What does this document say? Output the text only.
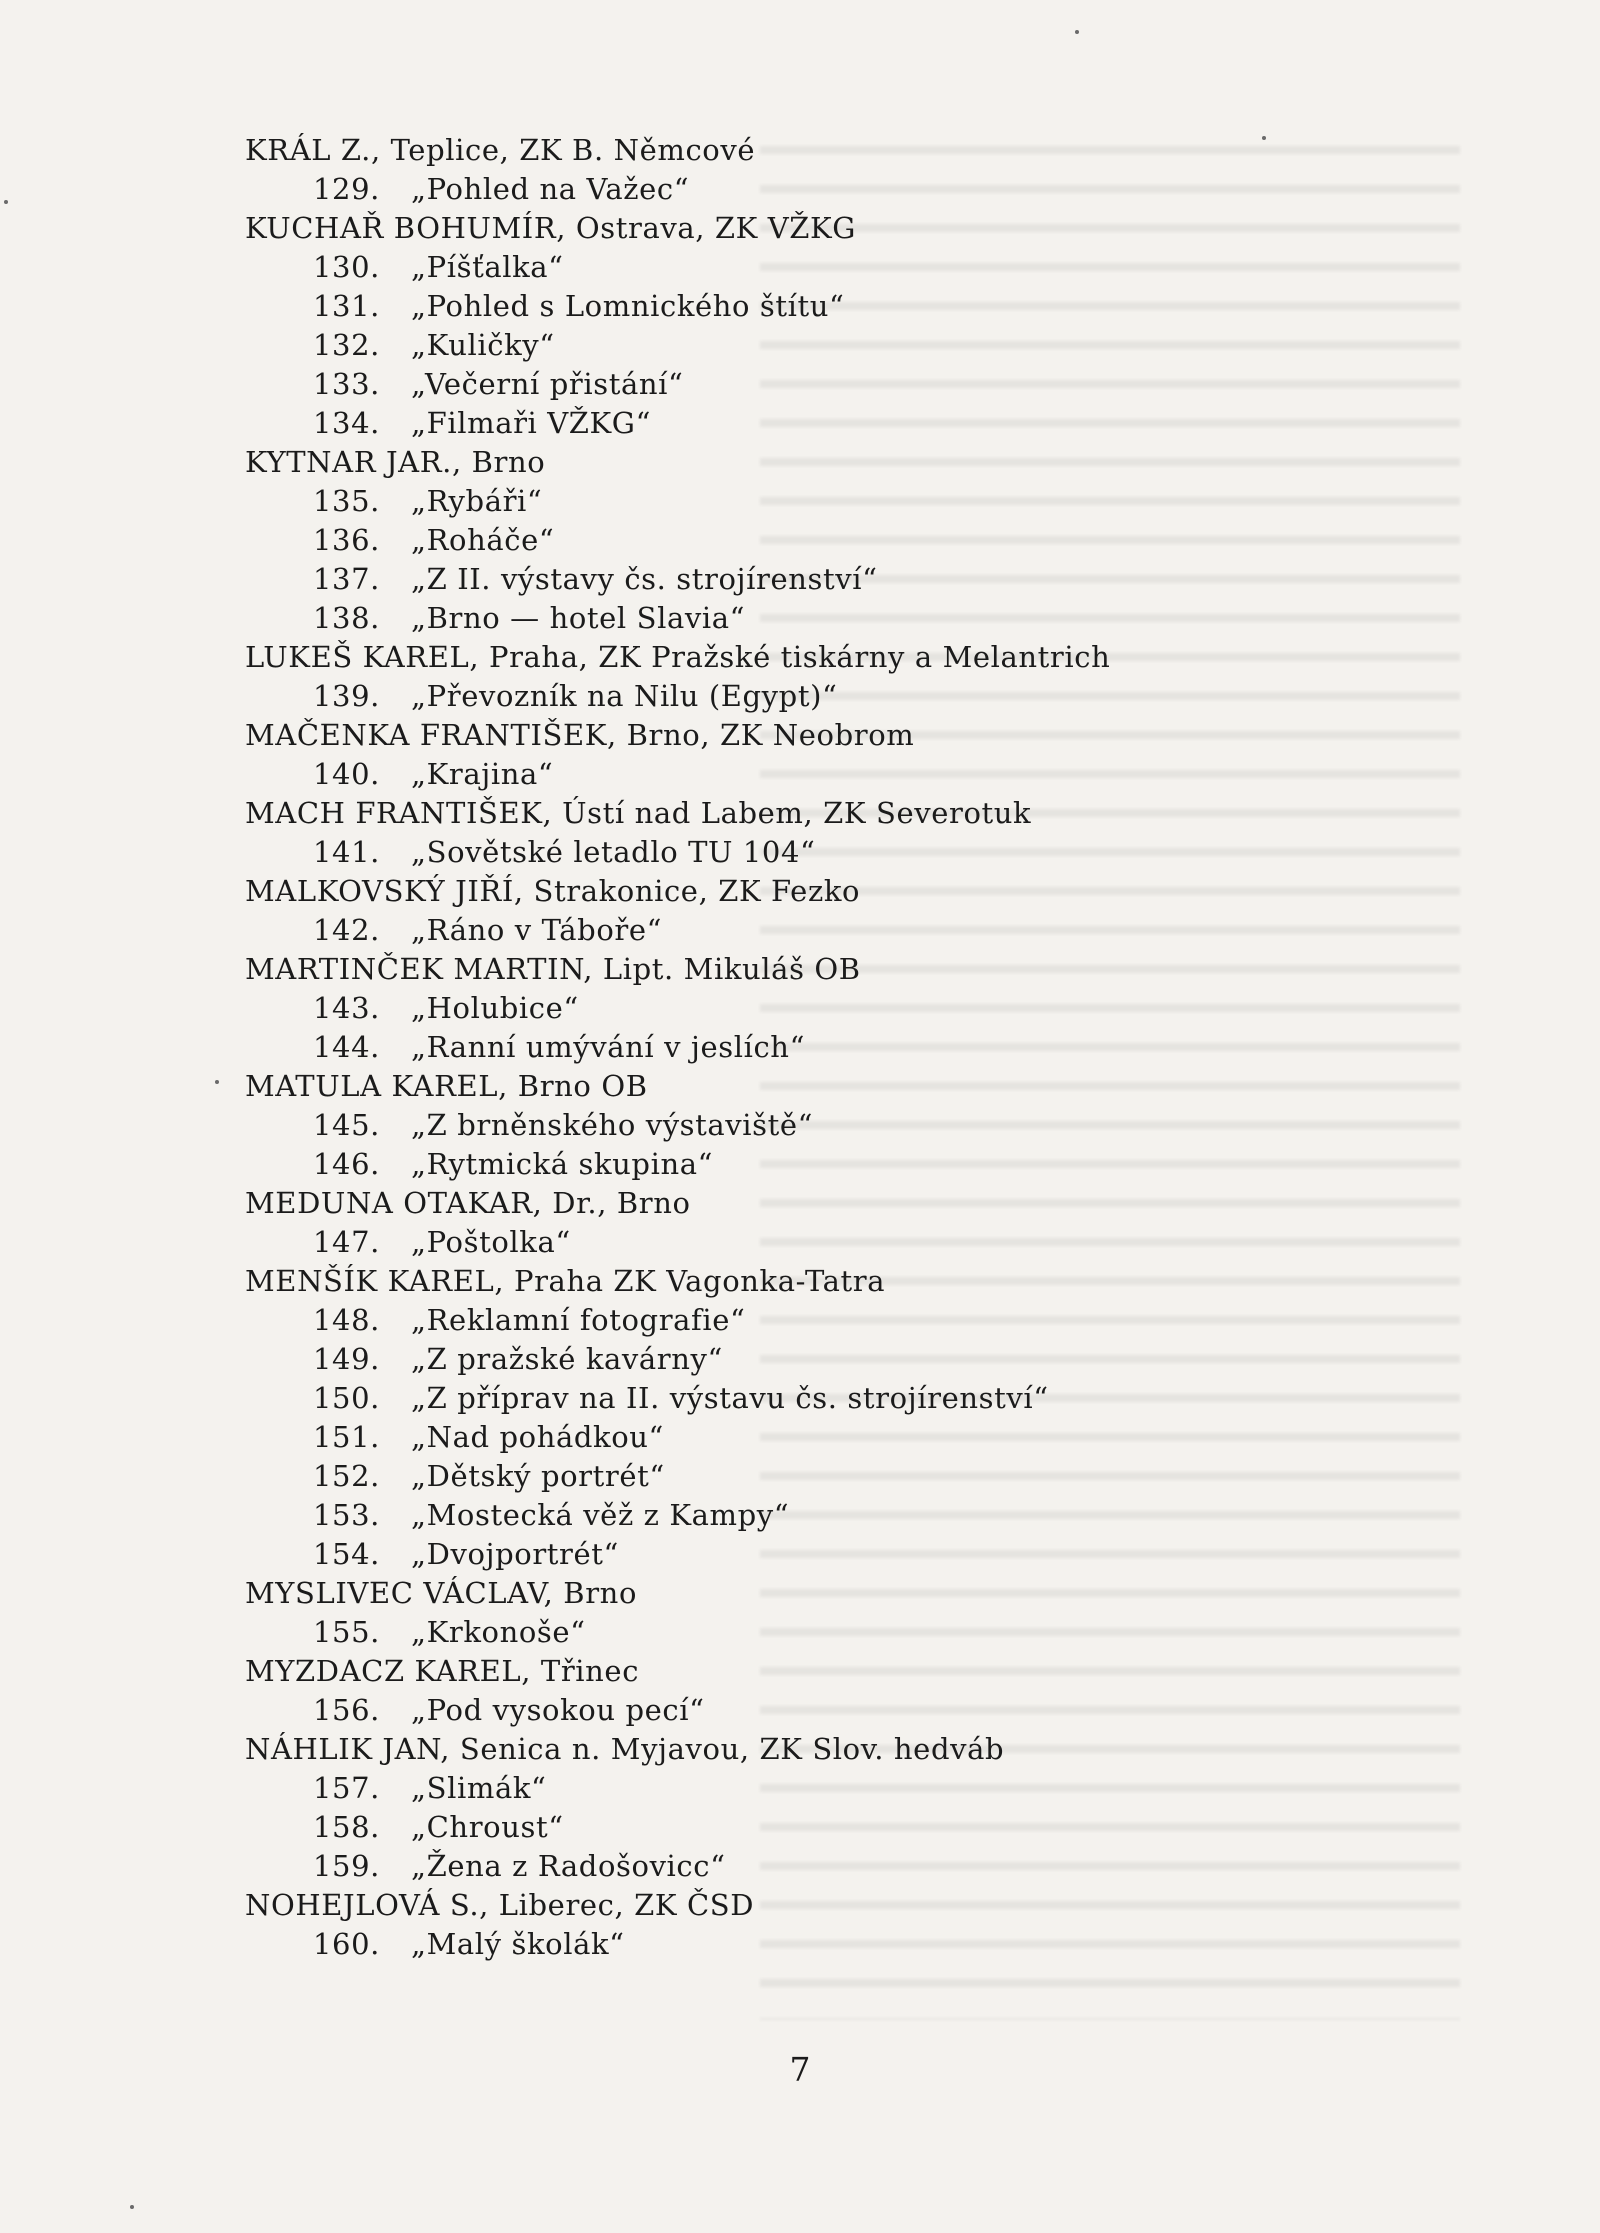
KRÁL Z., Teplice, ZK B. Němcové
129. „Pohled na Važec“
KUCHAŘ BOHUMÍR, Ostrava, ZK VŽKG
130. „Píšťalka“
131. „Pohled s Lomnického štítu“
132. „Kuličky“
133. „Večerní přistání“
134. „Filmaři VŽKG“
KYTNAR JAR., Brno
135. „Rybáři“
136. „Roháče“
137. „Z II. výstavy čs. strojírenství“
138. „Brno — hotel Slavia“
LUKEŠ KAREL, Praha, ZK Pražské tiskárny a Melantrich
139. „Převozník na Nilu (Egypt)“
MAČENKA FRANTIŠEK, Brno, ZK Neobrom
140. „Krajina“
MACH FRANTIŠEK, Ústí nad Labem, ZK Severotuk
141. „Sovětské letadlo TU 104“
MALKOVSKÝ JIŘÍ, Strakonice, ZK Fezko
142. „Ráno v Táboře“
MARTINČEK MARTIN, Lipt. Mikuláš OB
143. „Holubice“
144. „Ranní umývání v jeslích“
MATULA KAREL, Brno OB
145. „Z brněnského výstaviště“
146. „Rytmická skupina“
MEDUNA OTAKAR, Dr., Brno
147. „Poštolka“
MENŠÍK KAREL, Praha ZK Vagonka-Tatra
148. „Reklamní fotografie“
149. „Z pražské kavárny“
150. „Z příprav na II. výstavu čs. strojírenství“
151. „Nad pohádkou“
152. „Dětský portrét“
153. „Mostecká věž z Kampy“
154. „Dvojportrét“
MYSLIVEC VÁCLAV, Brno
155. „Krkonoše“
MYZDACZ KAREL, Třinec
156. „Pod vysokou pecí“
NÁHLIK JAN, Senica n. Myjavou, ZK Slov. hedváb
157. „Slimák“
158. „Chroust“
159. „Žena z Radošovicc“
NOHEJLOVÁ S., Liberec, ZK ČSD
160. „Malý školák“
7
